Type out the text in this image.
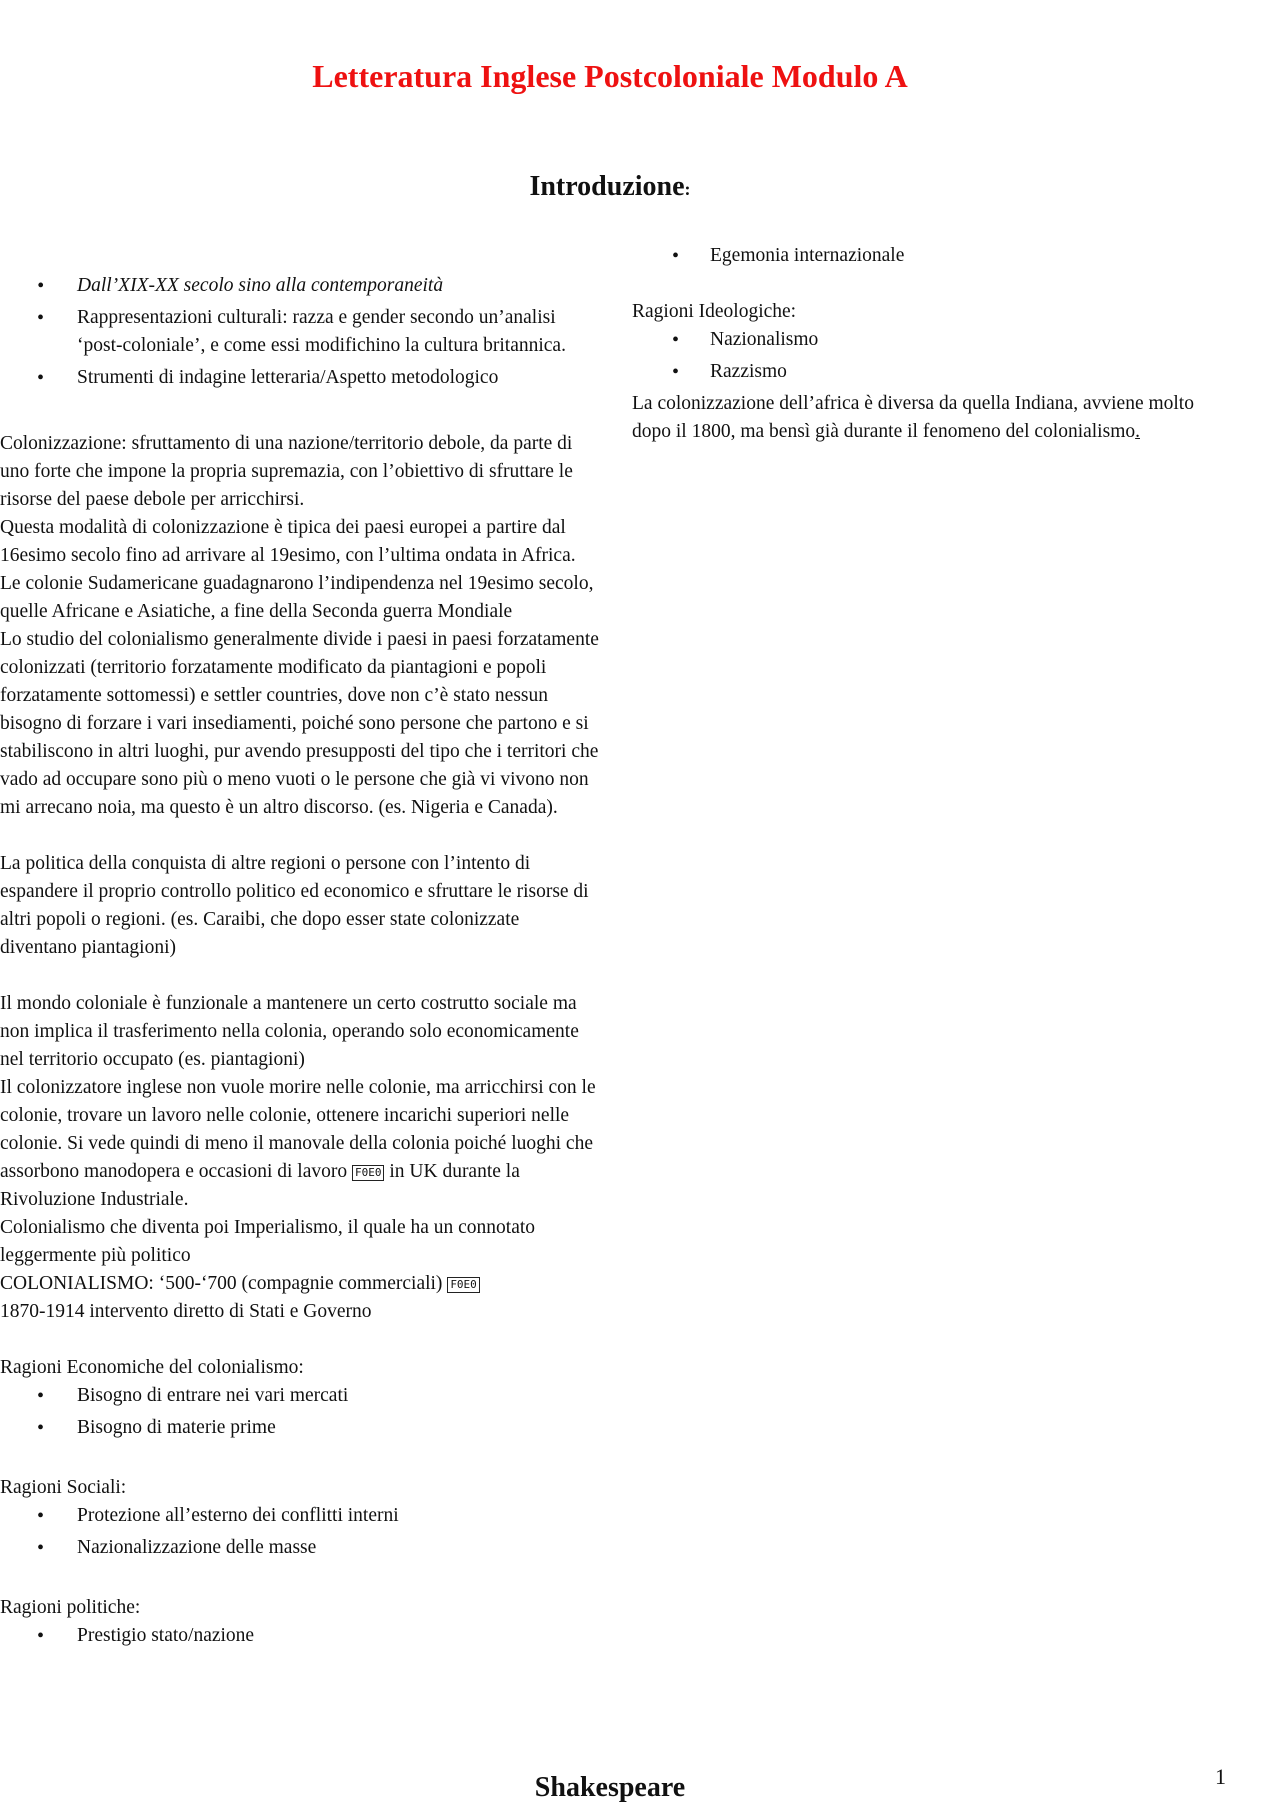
Letteratura Inglese Postcoloniale Modulo A
Introduzione:
• Dall’XIX-XX secolo sino alla contemporaneità
• Rappresentazioni culturali: razza e gender secondo un’analisi ‘post-coloniale’, e come essi modifichino la cultura britannica.
• Strumenti di indagine letteraria/Aspetto metodologico

Colonizzazione: sfruttamento di una nazione/territorio debole, da parte di uno forte che impone la propria supremazia, con l’obiettivo di sfruttare le risorse del paese debole per arricchirsi.

Questa modalità di colonizzazione è tipica dei paesi europei a partire dal 16esimo secolo fino ad arrivare al 19esimo, con l’ultima ondata in Africa. Le colonie Sudamericane guadagnarono l’indipendenza nel 19esimo secolo, quelle Africane e Asiatiche, a fine della Seconda guerra Mondiale

Lo studio del colonialismo generalmente divide i paesi in paesi forzatamente colonizzati (territorio forzatamente modificato da piantagioni e popoli forzatamente sottomessi) e settler countries, dove non c’è stato nessun bisogno di forzare i vari insediamenti, poiché sono persone che partono e si stabiliscono in altri luoghi, pur avendo presupposti del tipo che i territori che vado ad occupare sono più o meno vuoti o le persone che già vi vivono non mi arrecano noia, ma questo è un altro discorso. (es. Nigeria e Canada).

La politica della conquista di altre regioni o persone con l’intento di espandere il proprio controllo politico ed economico e sfruttare le risorse di altri popoli o regioni. (es. Caraibi, che dopo esser state colonizzate diventano piantagioni)

Il mondo coloniale è funzionale a mantenere un certo costrutto sociale ma non implica il trasferimento nella colonia, operando solo economicamente nel territorio occupato (es. piantagioni)

Il colonizzatore inglese non vuole morire nelle colonie, ma arricchirsi con le colonie, trovare un lavoro nelle colonie, ottenere incarichi superiori nelle colonie. Si vede quindi di meno il manovale della colonia poiché luoghi che assorbono manodopera e occasioni di lavoro F0E0 in UK durante la Rivoluzione Industriale.

Colonialismo che diventa poi Imperialismo, il quale ha un connotato leggermente più politico

COLONIALISMO: ‘500-‘700 (compagnie commerciali) F0E0

1870-1914 intervento diretto di Stati e Governo

Ragioni Economiche del colonialismo:

• Bisogno di entrare nei vari mercati
• Bisogno di materie prime

Ragioni Sociali:

• Protezione all’esterno dei conflitti interni
• Nazionalizzazione delle masse

Ragioni politiche:

• Prestigio stato/nazione
• Egemonia internazionale

Ragioni Ideologiche:

• Nazionalismo
• Razzismo

La colonizzazione dell’africa è diversa da quella Indiana, avviene molto dopo il 1800, ma bensì già durante il fenomeno del colonialismo.

1
Shakespeare
